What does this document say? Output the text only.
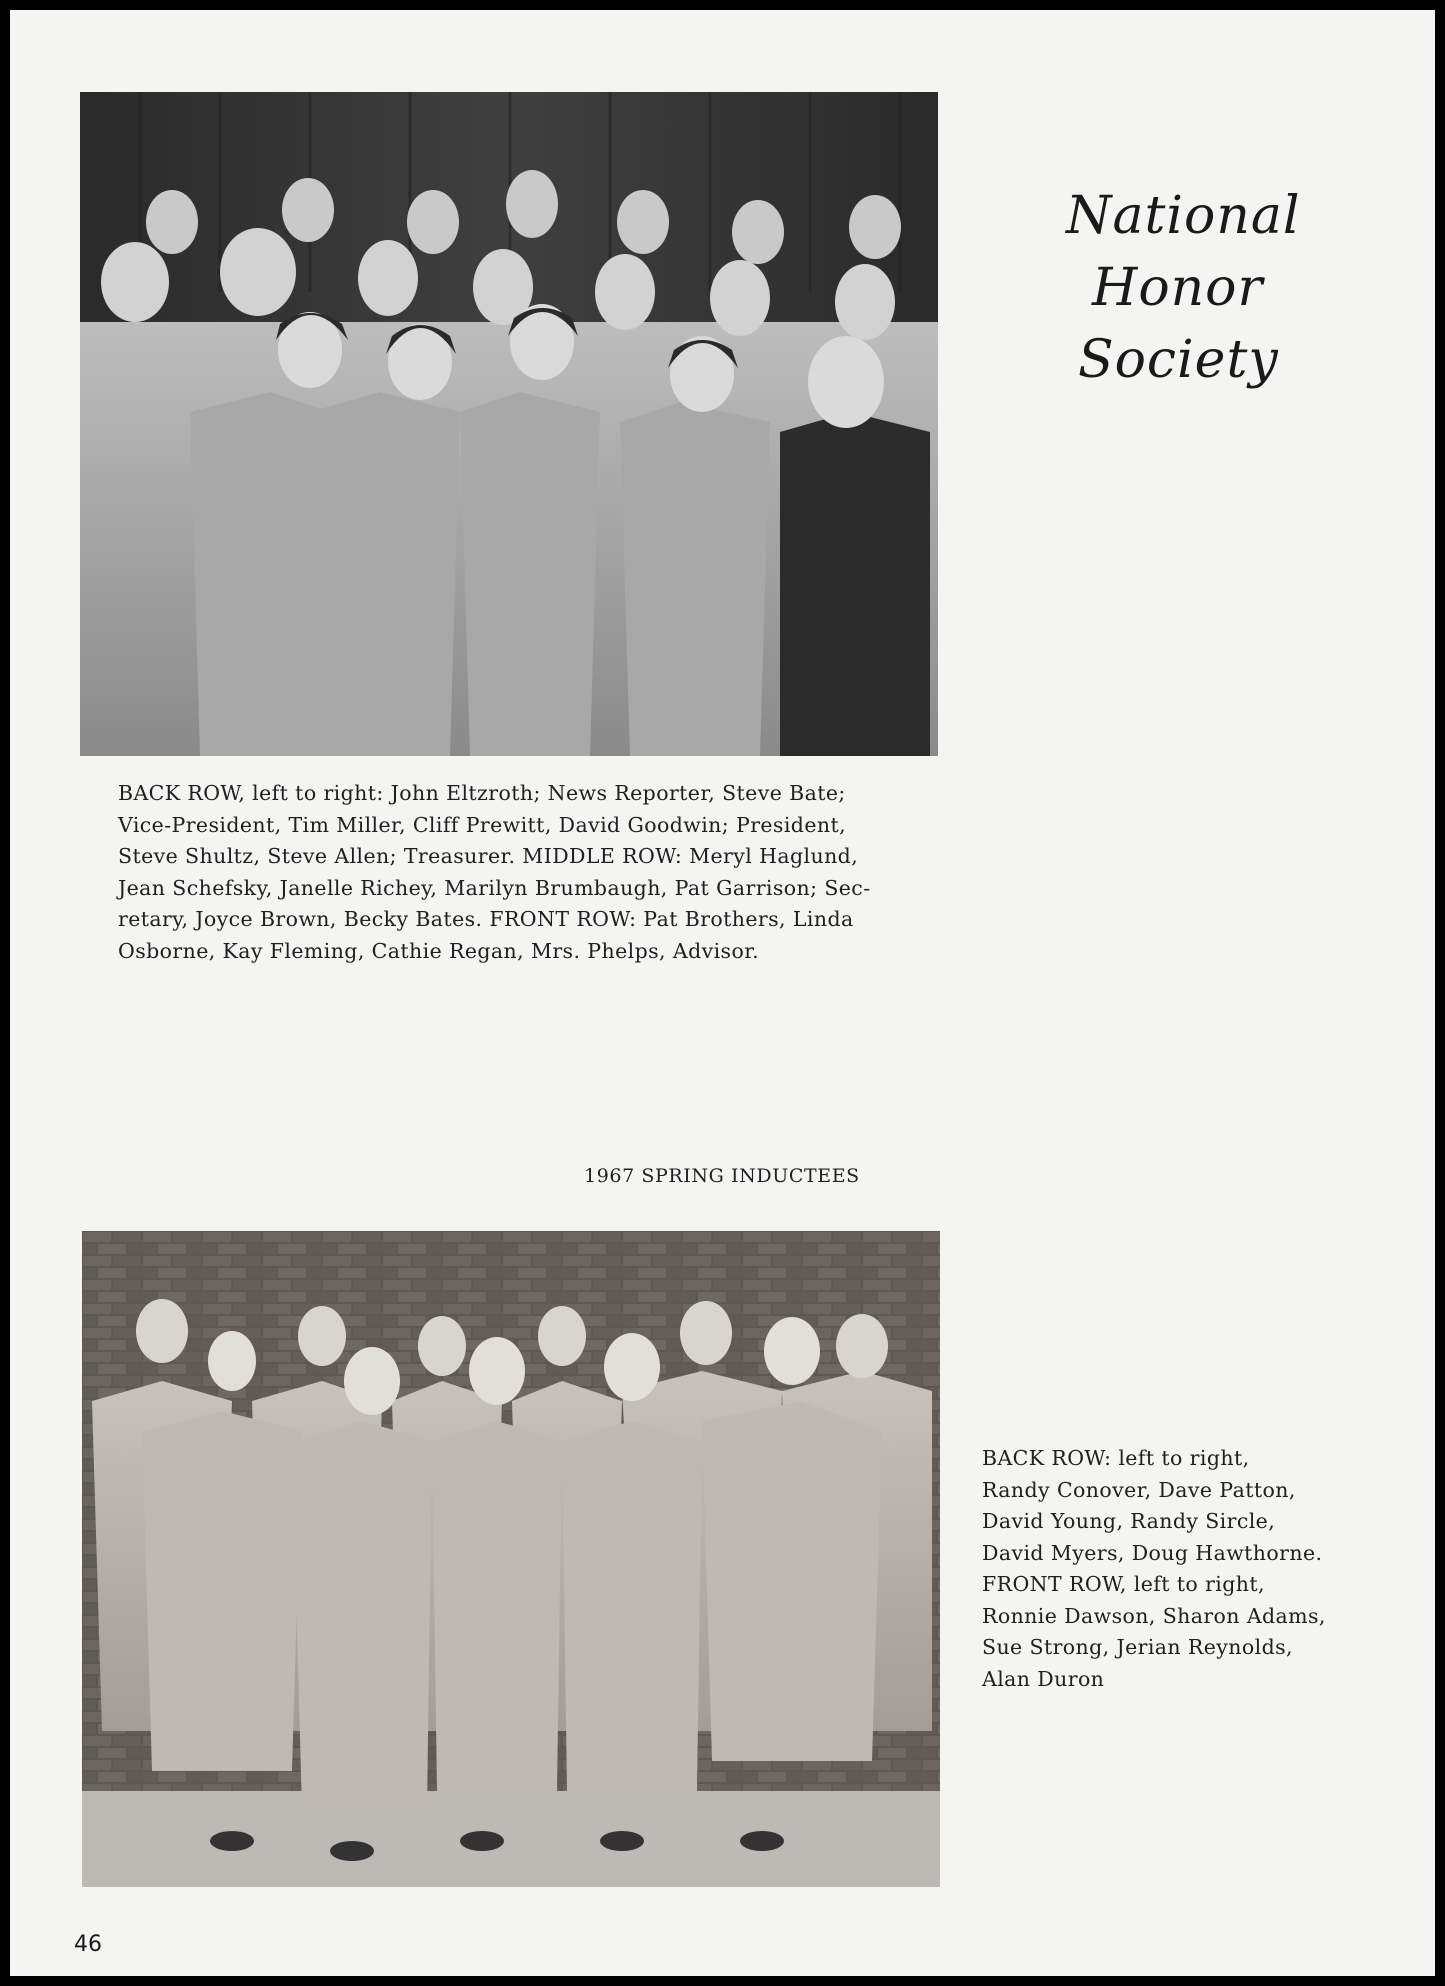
National
Honor
Society
BACK ROW, left to right: John Eltzroth; News Reporter, Steve Bate;
Vice-President, Tim Miller, Cliff Prewitt, David Goodwin; President,
Steve Shultz, Steve Allen; Treasurer. MIDDLE ROW: Meryl Haglund,
Jean Schefsky, Janelle Richey, Marilyn Brumbaugh, Pat Garrison; Sec-
retary, Joyce Brown, Becky Bates. FRONT ROW: Pat Brothers, Linda
Osborne, Kay Fleming, Cathie Regan, Mrs. Phelps, Advisor.
1967 SPRING INDUCTEES
BACK ROW: left to right,
Randy Conover, Dave Patton,
David Young, Randy Sircle,
David Myers, Doug Hawthorne.
FRONT ROW, left to right,
Ronnie Dawson, Sharon Adams,
Sue Strong, Jerian Reynolds,
Alan Duron
46
